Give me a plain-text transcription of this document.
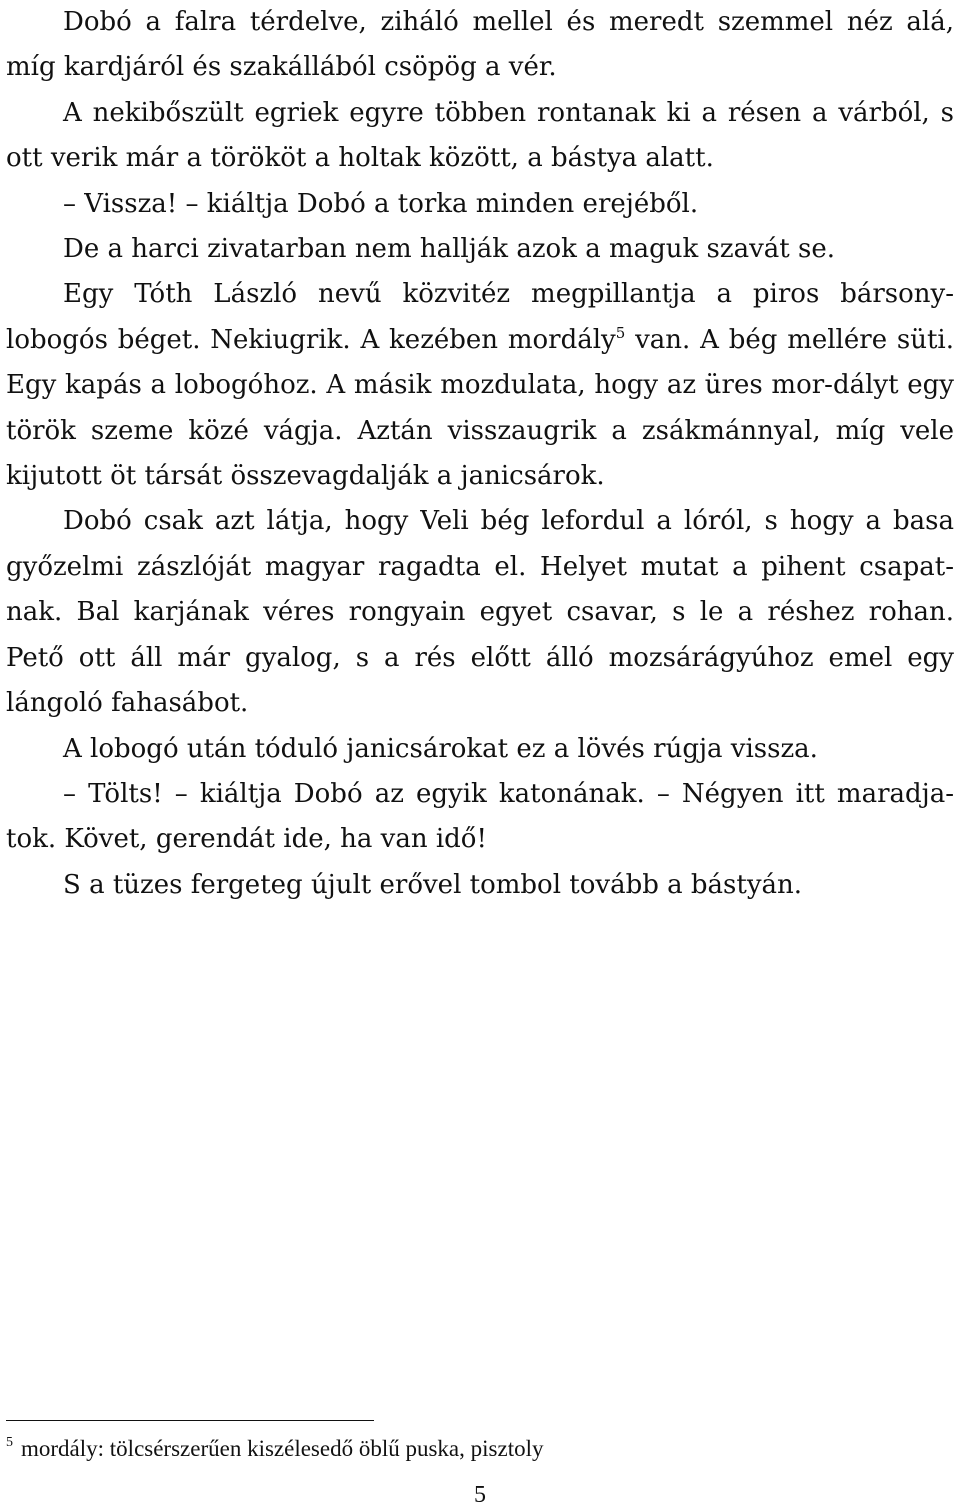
Dobó a falra térdelve, ziháló mellel és meredt szemmel néz alá, míg kardjáról és szakállából csöpög a vér.

A nekibőszült egriek egyre többen rontanak ki a résen a várból, s ott verik már a törököt a holtak között, a bástya alatt.

– Vissza! – kiáltja Dobó a torka minden erejéből.

De a harci zivatarban nem hallják azok a maguk szavát se.

Egy Tóth László nevű közvitéz megpillantja a piros bársony-lobogós béget. Nekiugrik. A kezében mordály$^5$ van. A bég mellére süti. Egy kapás a lobogóhoz. A másik mozdulata, hogy az üres mor-dályt egy török szeme közé vágja. Aztán visszaugrik a zsákmánnyal, míg vele kijutott öt társát összevagdalják a janicsárok.

Dobó csak azt látja, hogy Veli bég lefordul a lóról, s hogy a basa győzelmi zászlóját magyar ragadta el. Helyet mutat a pihent csapat-nak. Bal karjának véres rongyain egyet csavar, s le a réshez rohan. Pető ott áll már gyalog, s a rés előtt álló mozsárágyúhoz emel egy lángoló fahasábot.

A lobogó után tóduló janicsárokat ez a lövés rúgja vissza.

– Tölts! – kiáltja Dobó az egyik katonának. – Négyen itt maradja-tok. Követ, gerendát ide, ha van idő!

S a tüzes fergeteg újult erővel tombol tovább a bástyán.

$^5$ mordály: tölcsérszerűen kiszélesedő öblű puska, pisztoly
5
